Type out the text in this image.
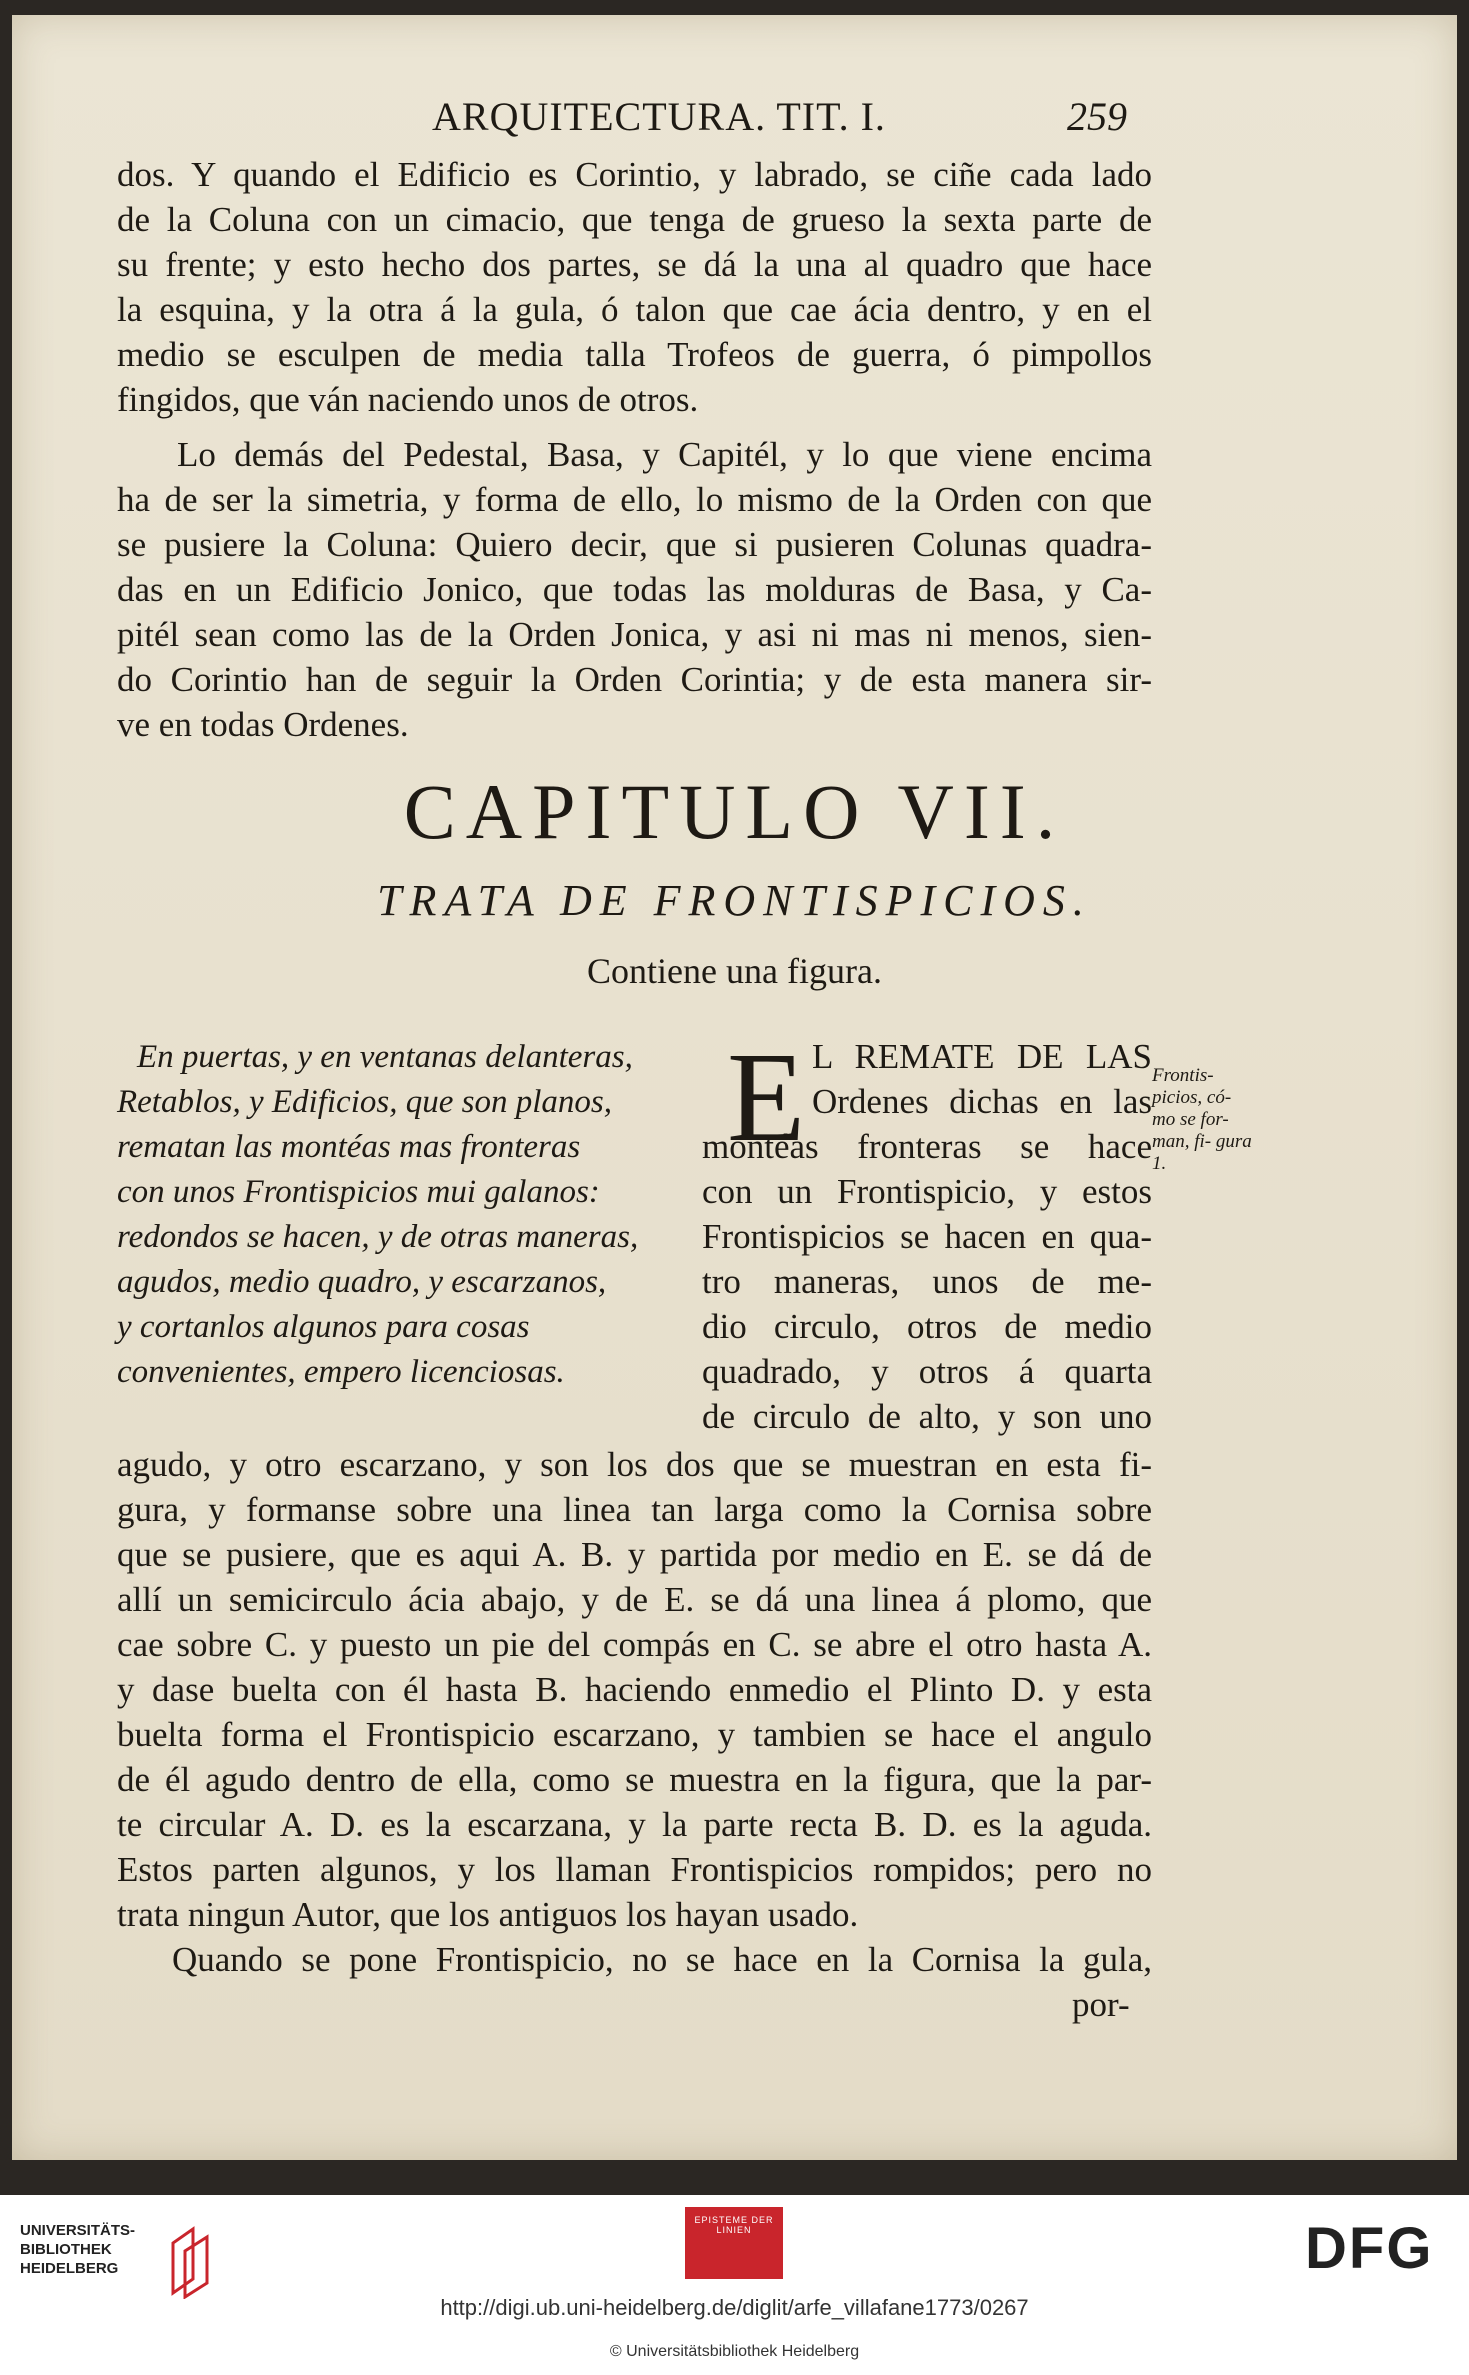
ARQUITECTURA. TIT. I.	259
dos. Y quando el Edificio es Corintio, y labrado, se ciñe cada lado
de la Coluna con un cimacio, que tenga de grueso la sexta parte de
su frente; y esto hecho dos partes, se dá la una al quadro que hace
la esquina, y la otra á la gula, ó talon que cae ácia dentro, y en el
medio se esculpen de media talla Trofeos de guerra, ó pimpollos
fingidos, que ván naciendo unos de otros.
Lo demás del Pedestal, Basa, y Capitél, y lo que viene encima
ha de ser la simetria, y forma de ello, lo mismo de la Orden con que
se pusiere la Coluna: Quiero decir, que si pusieren Colunas quadra-
das en un Edificio Jonico, que todas las molduras de Basa, y Ca-
pitél sean como las de la Orden Jonica, y asi ni mas ni menos, sien-
do Corintio han de seguir la Orden Corintia; y de esta manera sir-
ve en todas Ordenes.
CAPITULO VII.
TRATA DE FRONTISPICIOS.
Contiene una figura.
En puertas, y en ventanas delanteras,
Retablos, y Edificios, que son planos,
rematan las montéas mas fronteras
con unos Frontispicios mui galanos:
redondos se hacen, y de otras maneras,
agudos, medio quadro, y escarzanos,
y cortanlos algunos para cosas
convenientes, empero licenciosas.
E L REMATE DE LAS
Ordenes dichas en las
montéas fronteras se hace
con un Frontispicio, y estos
Frontispicios se hacen en qua-
tro maneras, unos de me-
dio circulo, otros de medio
quadrado, y otros á quarta
de circulo de alto, y son uno
Frontis- picios, có- mo se for- man, fi- gura 1.
agudo, y otro escarzano, y son los dos que se muestran en esta fi-
gura, y formanse sobre una linea tan larga como la Cornisa sobre
que se pusiere, que es aqui A. B. y partida por medio en E. se dá de
allí un semicirculo ácia abajo, y de E. se dá una linea á plomo, que
cae sobre C. y puesto un pie del compás en C. se abre el otro hasta A.
y dase buelta con él hasta B. haciendo enmedio el Plinto D. y esta
buelta forma el Frontispicio escarzano, y tambien se hace el angulo
de él agudo dentro de ella, como se muestra en la figura, que la par-
te circular A. D. es la escarzana, y la parte recta B. D. es la aguda.
Estos parten algunos, y los llaman Frontispicios rompidos; pero no
trata ningun Autor, que los antiguos los hayan usado.
Quando se pone Frontispicio, no se hace en la Cornisa la gula,
por-
UNIVERSITÄTS- BIBLIOTHEK HEIDELBERG
EPISTEME DER LINIEN	DFG
http://digi.ub.uni-heidelberg.de/diglit/arfe_villafane1773/0267
© Universitätsbibliothek Heidelberg
